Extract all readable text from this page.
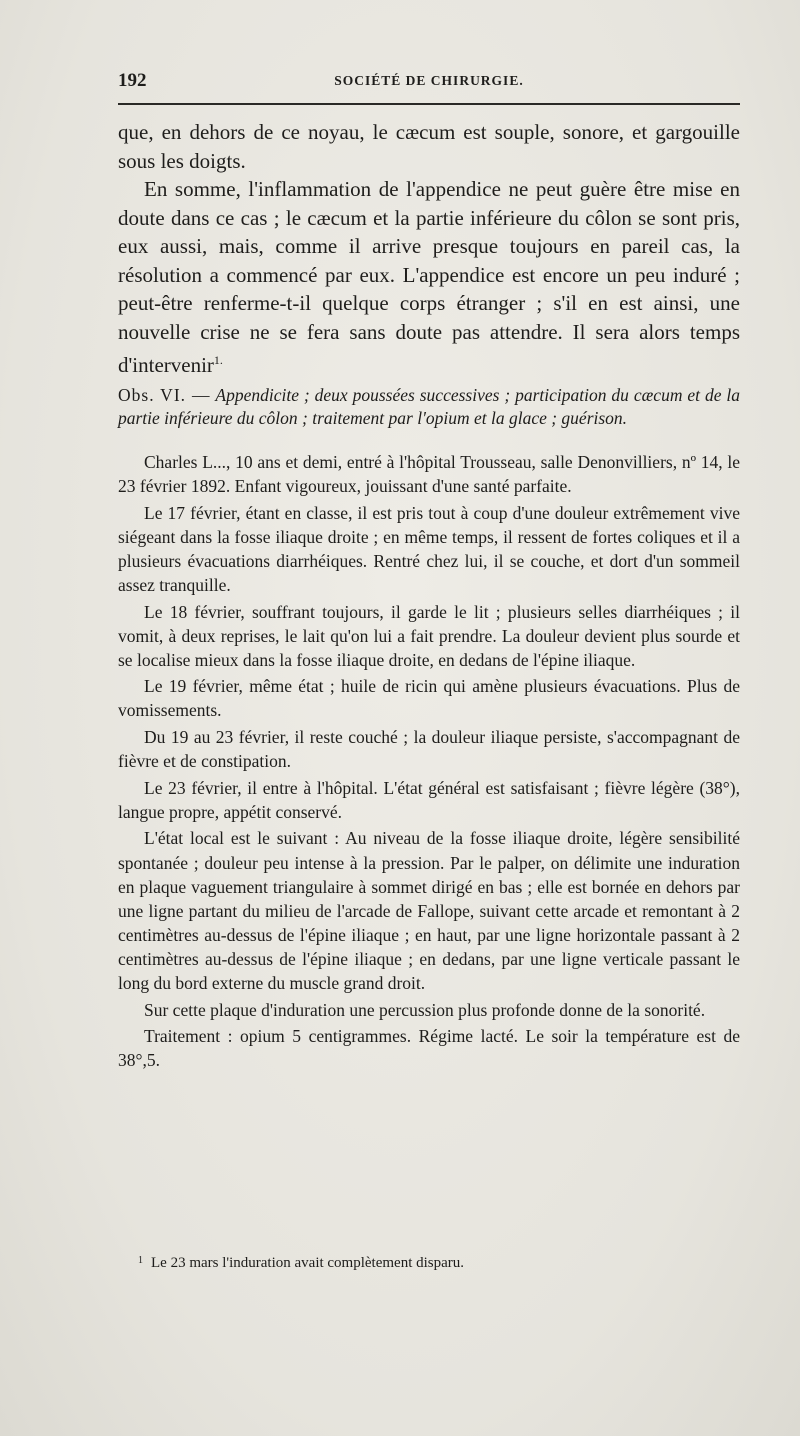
192	SOCIÉTÉ DE CHIRURGIE.

que, en dehors de ce noyau, le cæcum est souple, sonore, et gargouille sous les doigts.

En somme, l'inflammation de l'appendice ne peut guère être mise en doute dans ce cas ; le cæcum et la partie inférieure du côlon se sont pris, eux aussi, mais, comme il arrive presque toujours en pareil cas, la résolution a commencé par eux. L'appendice est encore un peu induré ; peut-être renferme-t-il quelque corps étranger ; s'il en est ainsi, une nouvelle crise ne se fera sans doute pas attendre. Il sera alors temps d'intervenir$^{1.}$

Obs. VI. — Appendicite ; deux poussées successives ; participation du cæcum et de la partie inférieure du côlon ; traitement par l'opium et la glace ; guérison.

Charles L..., 10 ans et demi, entré à l'hôpital Trousseau, salle Denonvilliers, nº 14, le 23 février 1892. Enfant vigoureux, jouissant d'une santé parfaite.

Le 17 février, étant en classe, il est pris tout à coup d'une douleur extrêmement vive siégeant dans la fosse iliaque droite ; en même temps, il ressent de fortes coliques et il a plusieurs évacuations diarrhéiques. Rentré chez lui, il se couche, et dort d'un sommeil assez tranquille.

Le 18 février, souffrant toujours, il garde le lit ; plusieurs selles diarrhéiques ; il vomit, à deux reprises, le lait qu'on lui a fait prendre. La douleur devient plus sourde et se localise mieux dans la fosse iliaque droite, en dedans de l'épine iliaque.

Le 19 février, même état ; huile de ricin qui amène plusieurs évacuations. Plus de vomissements.

Du 19 au 23 février, il reste couché ; la douleur iliaque persiste, s'accompagnant de fièvre et de constipation.

Le 23 février, il entre à l'hôpital. L'état général est satisfaisant ; fièvre légère (38°), langue propre, appétit conservé.

L'état local est le suivant : Au niveau de la fosse iliaque droite, légère sensibilité spontanée ; douleur peu intense à la pression. Par le palper, on délimite une induration en plaque vaguement triangulaire à sommet dirigé en bas ; elle est bornée en dehors par une ligne partant du milieu de l'arcade de Fallope, suivant cette arcade et remontant à 2 centimètres au-dessus de l'épine iliaque ; en haut, par une ligne horizontale passant à 2 centimètres au-dessus de l'épine iliaque ; en dedans, par une ligne verticale passant le long du bord externe du muscle grand droit.

Sur cette plaque d'induration une percussion plus profonde donne de la sonorité.

Traitement : opium 5 centigrammes. Régime lacté. Le soir la température est de 38°,5.

$^1$ Le 23 mars l'induration avait complètement disparu.
